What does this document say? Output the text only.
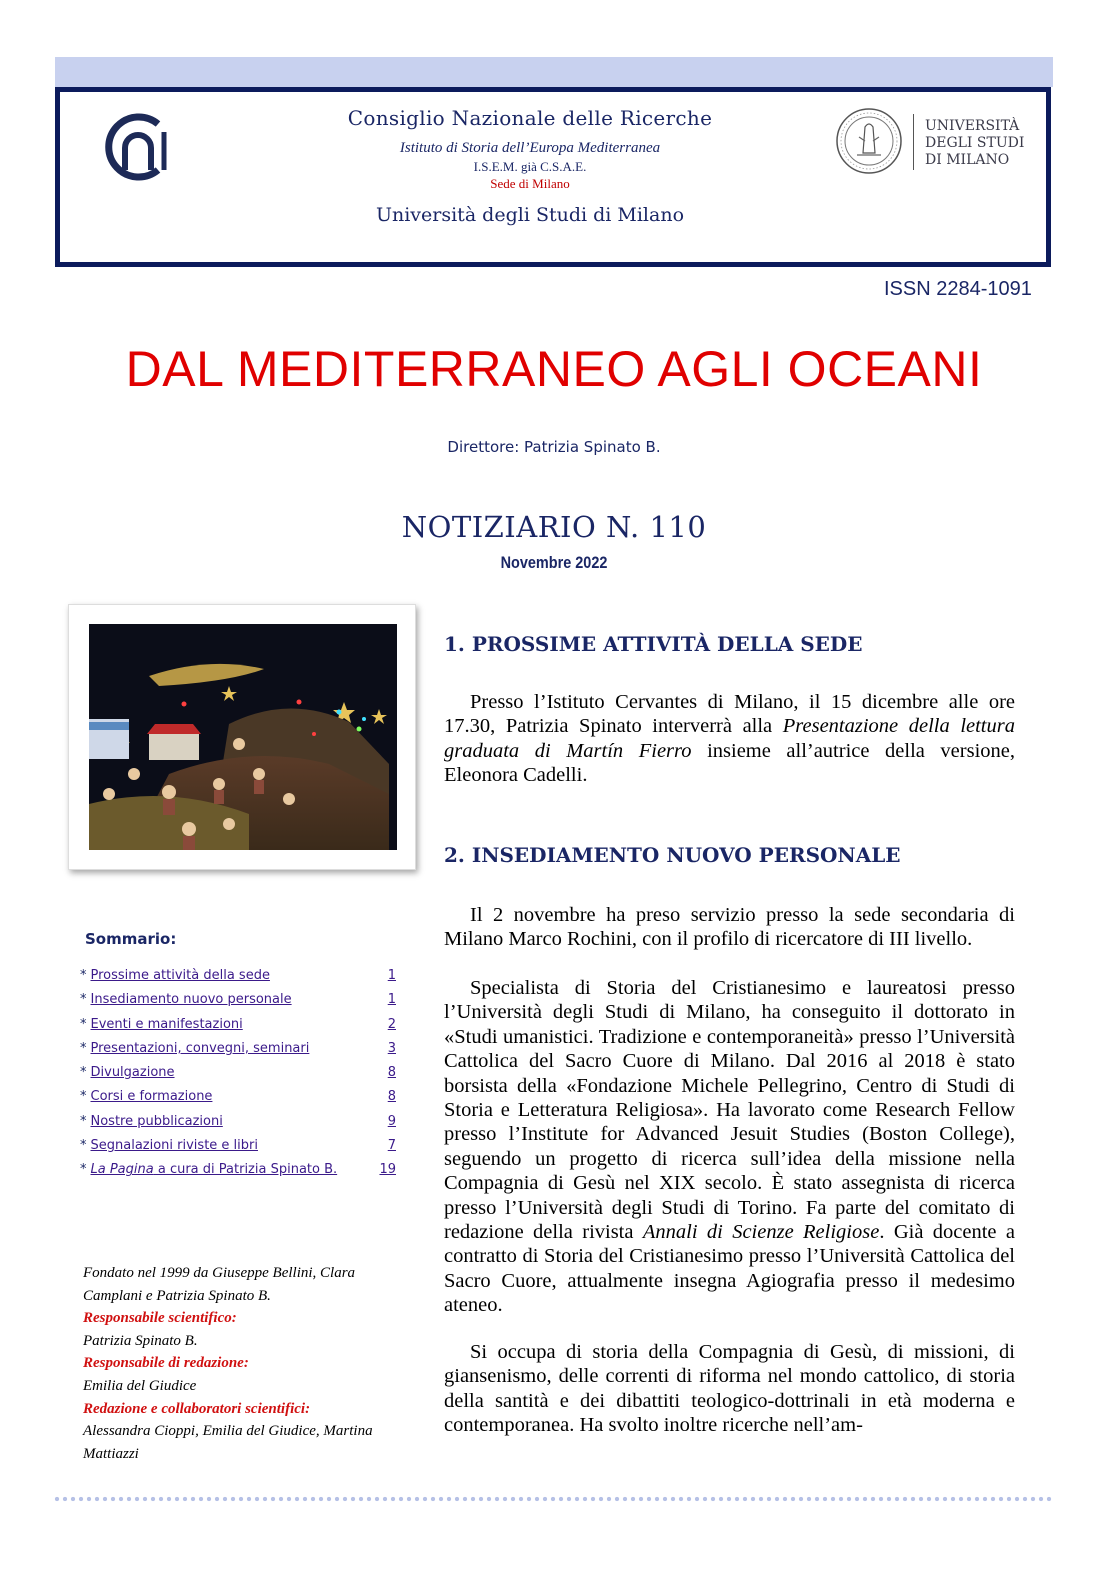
Consiglio Nazionale delle Ricerche
Istituto di Storia dell’Europa Mediterranea
I.S.E.M. già C.S.A.E.
Sede di Milano
Università degli Studi di Milano
UNIVERSITÀ
DEGLI STUDI
DI MILANO
ISSN 2284-1091
DAL MEDITERRANEO AGLI OCEANI
Direttore: Patrizia Spinato B.
NOTIZIARIO N. 110
Novembre 2022
Sommario:
* Prossime attività della sede	1
* Insediamento nuovo personale	1
* Eventi e manifestazioni	2
* Presentazioni, convegni, seminari	3
* Divulgazione	8
* Corsi e formazione	8
* Nostre pubblicazioni	9
* Segnalazioni riviste e libri	7
* La Pagina a cura di Patrizia Spinato B.	19
Fondato nel 1999 da Giuseppe Bellini, Clara Camplani e Patrizia Spinato B.
Responsabile scientifico:
Patrizia Spinato B.
Responsabile di redazione:
Emilia del Giudice
Redazione e collaboratori scientifici:
Alessandra Cioppi, Emilia del Giudice, Martina Mattiazzi
1. PROSSIME ATTIVITÀ DELLA SEDE
Presso l’Istituto Cervantes di Milano, il 15 dicembre alle ore 17.30, Patrizia Spinato interverrà alla Presentazione della lettura graduata di Martín Fierro insieme all’autrice della versione, Eleonora Cadelli.
2. INSEDIAMENTO NUOVO PERSONALE
Il 2 novembre ha preso servizio presso la sede secondaria di Milano Marco Rochini, con il profilo di ricercatore di III livello.
Specialista di Storia del Cristianesimo e laureatosi presso l’Università degli Studi di Milano, ha conseguito il dottorato in «Studi umanistici. Tradizione e contemporaneità» presso l’Università Cattolica del Sacro Cuore di Milano. Dal 2016 al 2018 è stato borsista della «Fondazione Michele Pellegrino, Centro di Studi di Storia e Letteratura Religiosa». Ha lavorato come Research Fellow presso l’Institute for Advanced Jesuit Studies (Boston College), seguendo un progetto di ricerca sull’idea della missione nella Compagnia di Gesù nel XIX secolo. È stato assegnista di ricerca presso l’Università degli Studi di Torino. Fa parte del comitato di redazione della rivista Annali di Scienze Religiose. Già docente a contratto di Storia del Cristianesimo presso l’Università Cattolica del Sacro Cuore, attualmente insegna Agiografia presso il medesimo ateneo.
Si occupa di storia della Compagnia di Gesù, di missioni, di giansenismo, delle correnti di riforma nel mondo cattolico, di storia della santità e dei dibattiti teologico-dottrinali in età moderna e contemporanea. Ha svolto inoltre ricerche nell’am-
